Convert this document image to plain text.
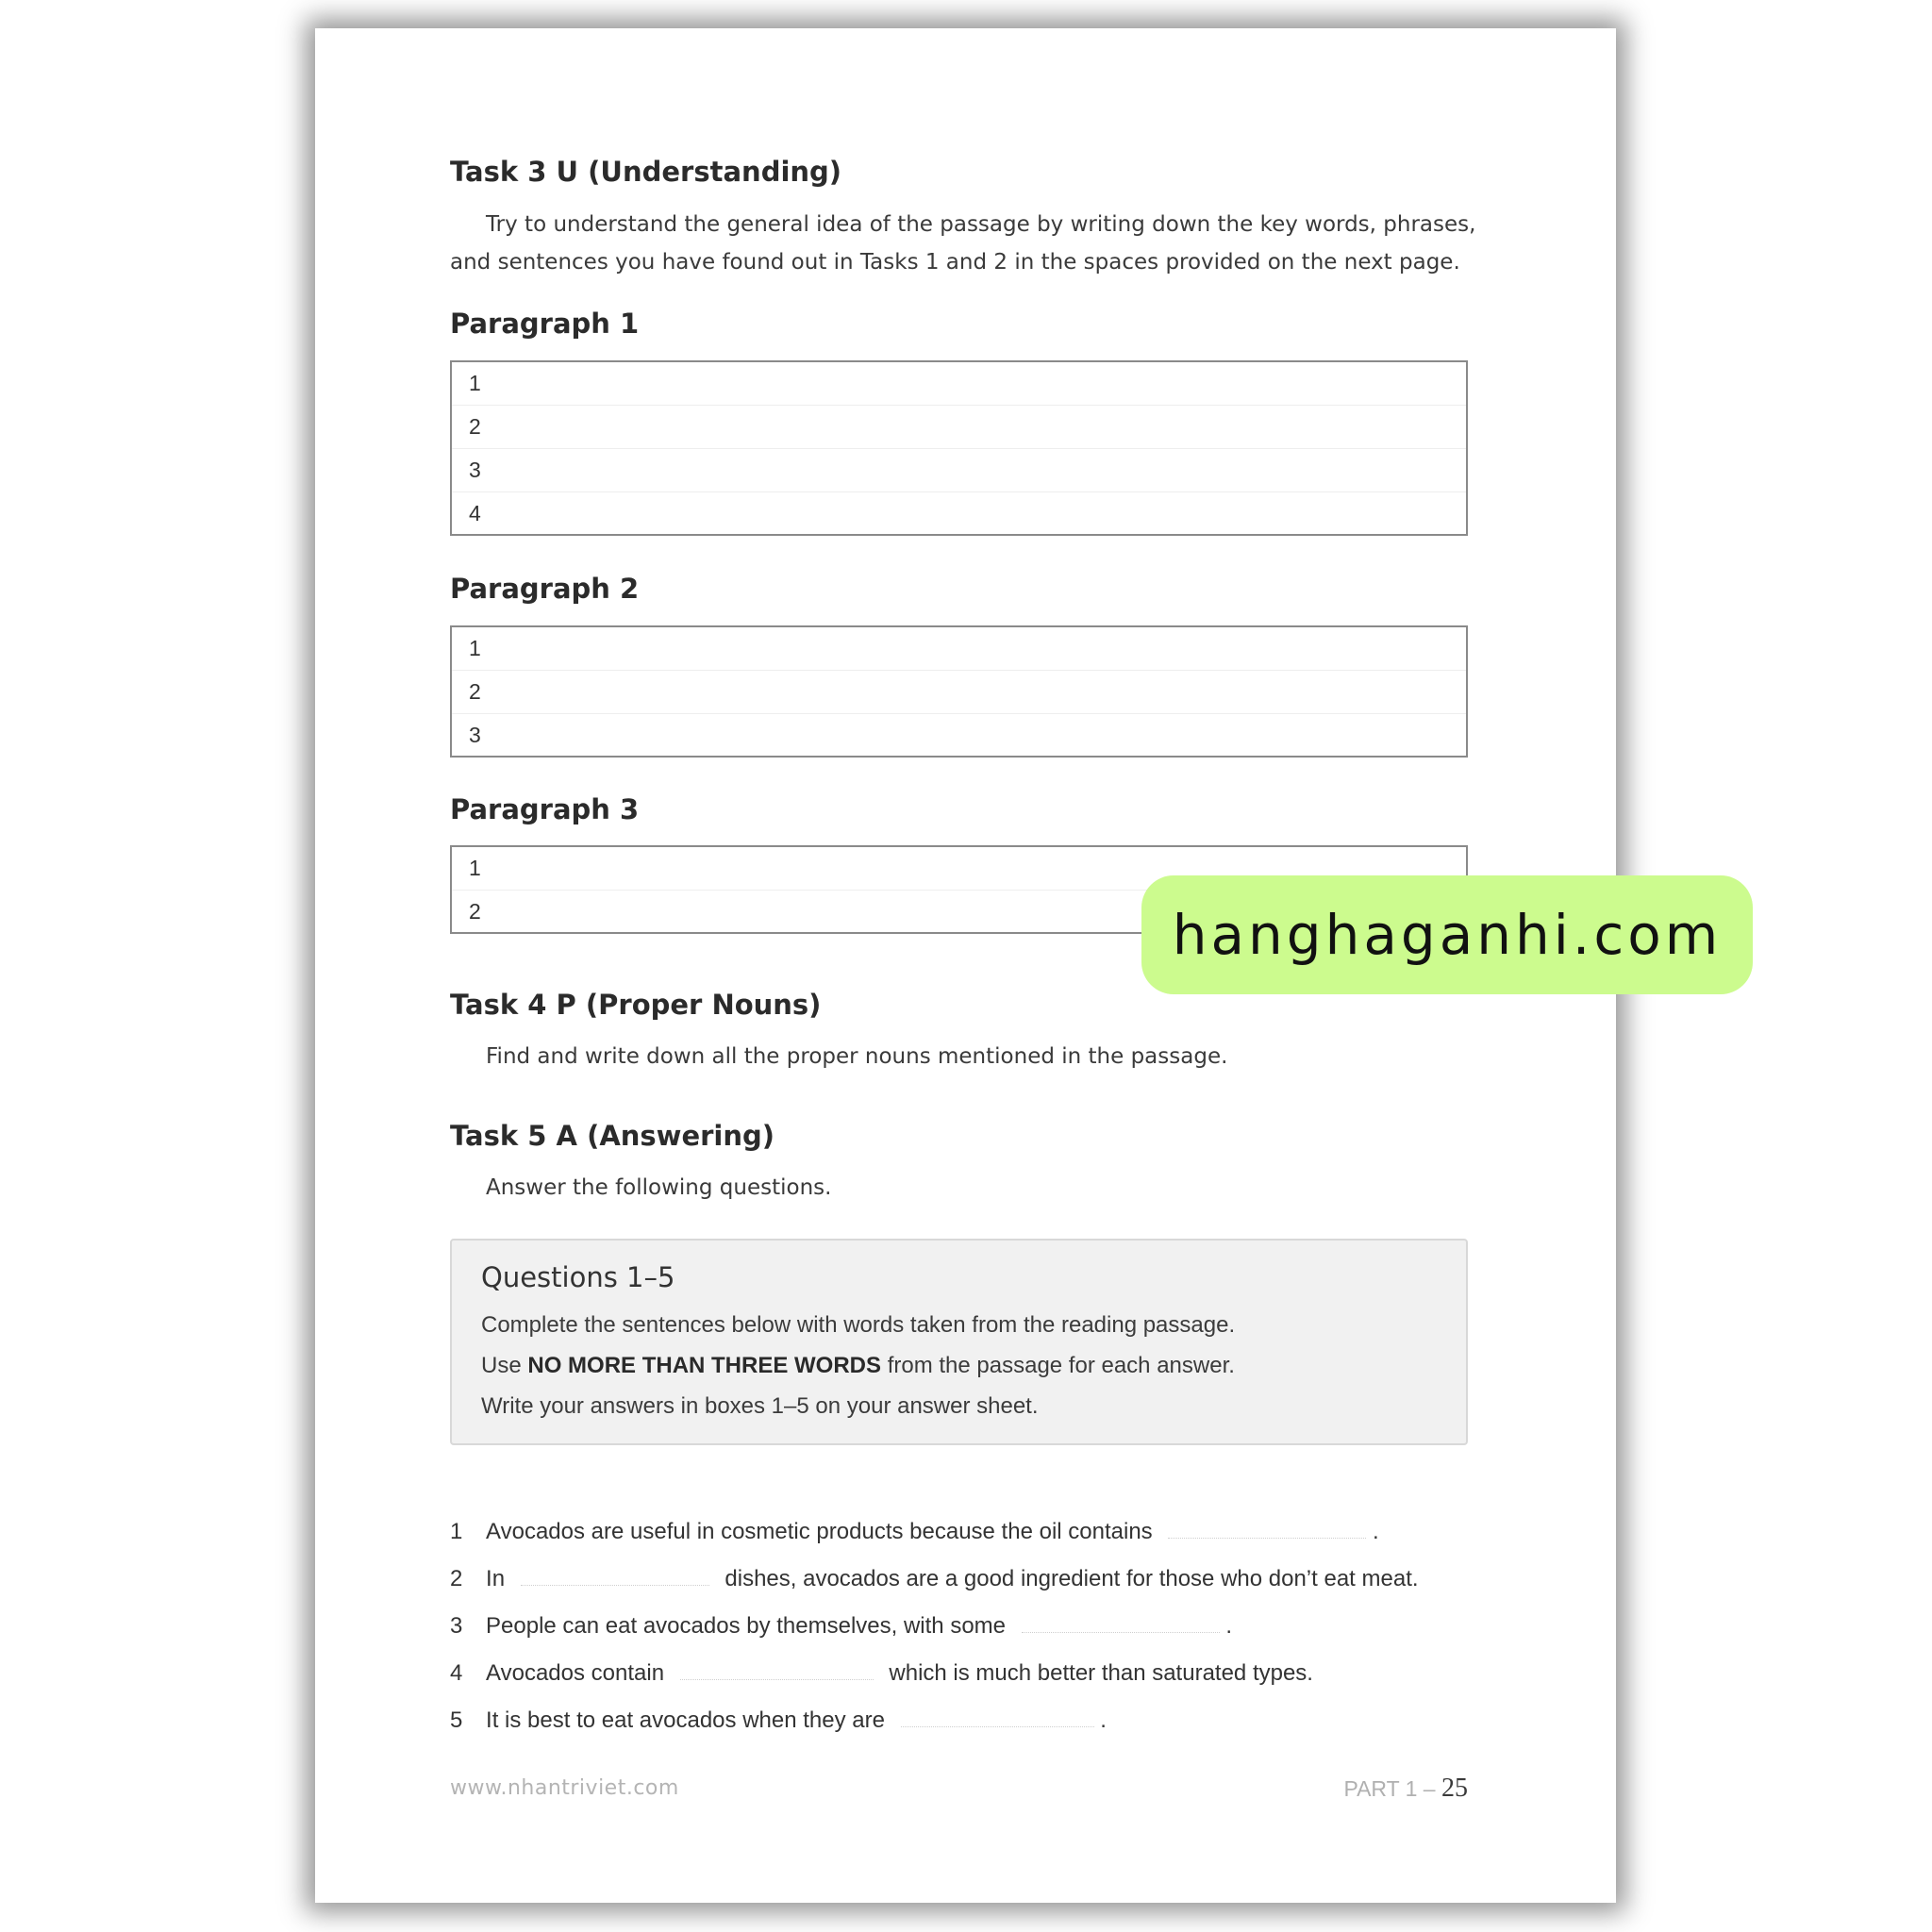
Task 3 U (Understanding)
Try to understand the general idea of the passage by writing down the key words, phrases,
and sentences you have found out in Tasks 1 and 2 in the spaces provided on the next page.
Paragraph 1
1
2
3
4
Paragraph 2
1
2
3
Paragraph 3
1
2
Task 4 P (Proper Nouns)
Find and write down all the proper nouns mentioned in the passage.
Task 5 A (Answering)
Answer the following questions.
Questions 1–5
Complete the sentences below with words taken from the reading passage.
Use NO MORE THAN THREE WORDS from the passage for each answer.
Write your answers in boxes 1–5 on your answer sheet.
1 Avocados are useful in cosmetic products because the oil contains	.
2 In	dishes, avocados are a good ingredient for those who don’t eat meat.
3 People can eat avocados by themselves, with some	.
4 Avocados contain	which is much better than saturated types.
5 It is best to eat avocados when they are	.
www.nhantriviet.com	PART 1 – 25
hanghaganhi.com
